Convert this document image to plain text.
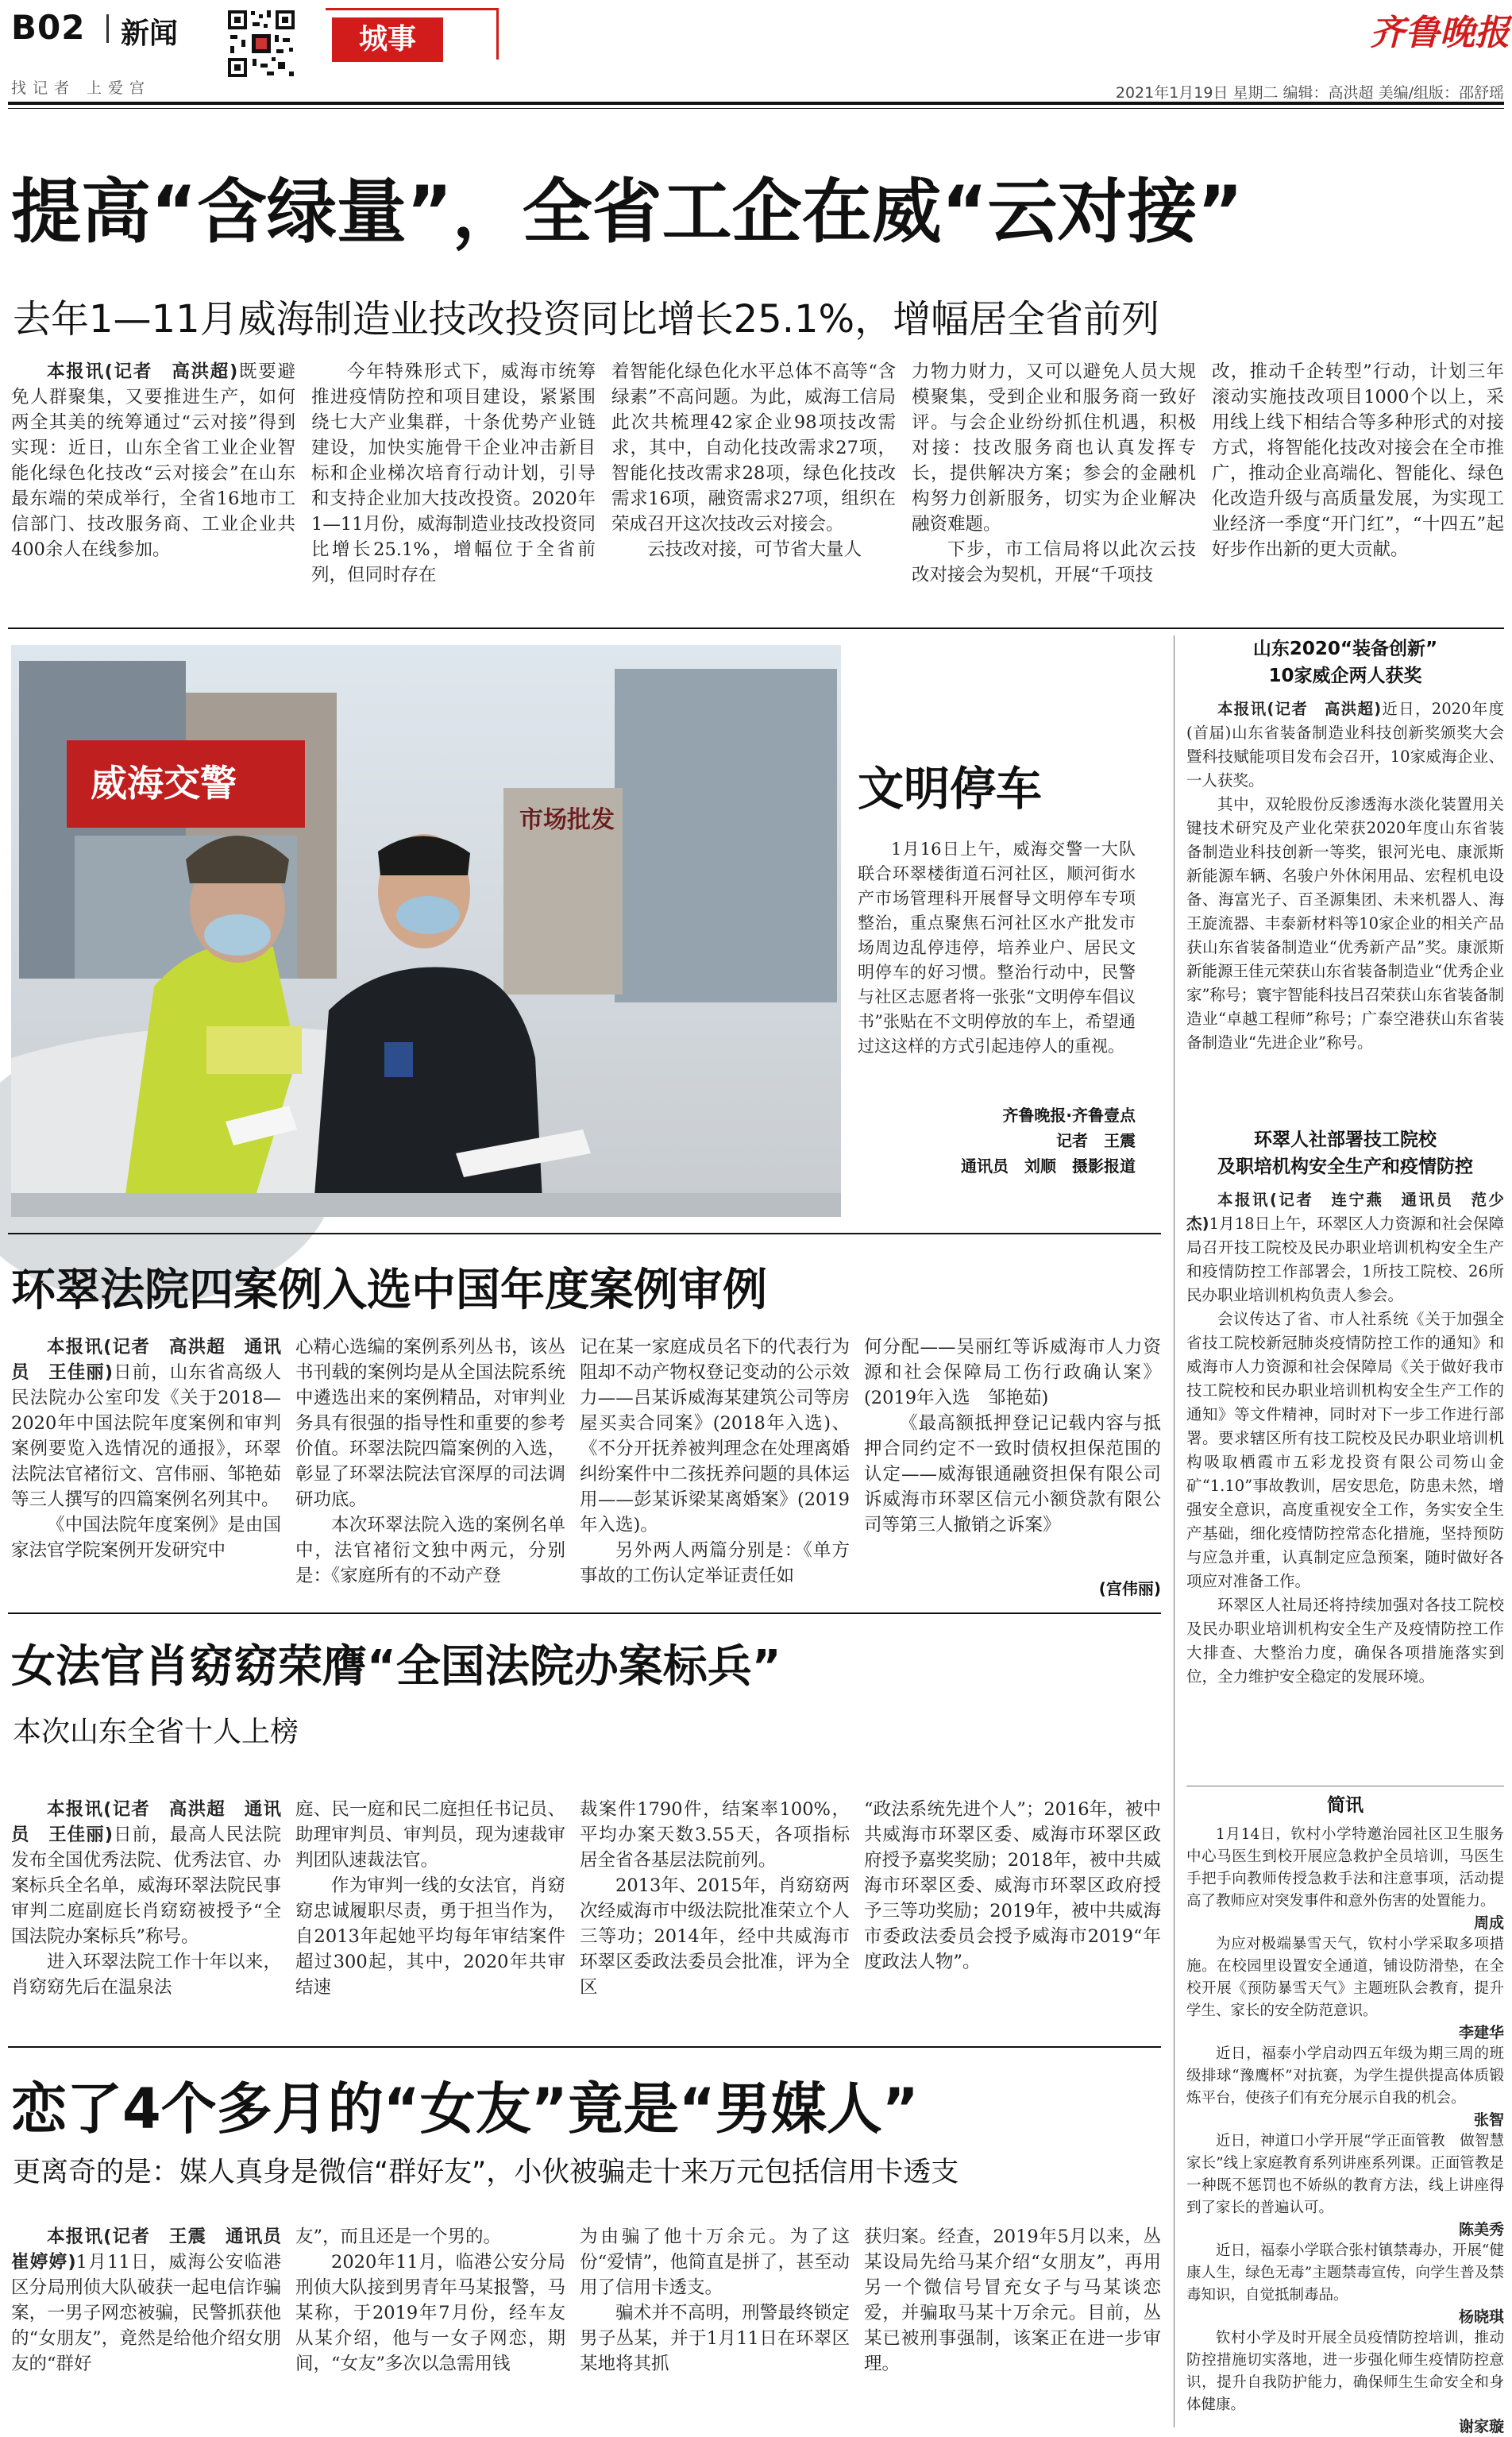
B02 新闻
找记者 上爱宫
城事	齐鲁晚报
2021年1月19日 星期二 编辑：高洪超 美编/组版：邵舒瑶
提高“含绿量”，全省工企在威“云对接”
去年1—11月威海制造业技改投资同比增长25.1%，增幅居全省前列

本报讯(记者　高洪超)既要避免人群聚集，又要推进生产，如何两全其美的统筹通过“云对接”得到实现：近日，山东全省工业企业智能化绿色化技改“云对接会”在山东最东端的荣成举行，全省16地市工信部门、技改服务商、工业企业共400余人在线参加。

今年特殊形式下，威海市统筹推进疫情防控和项目建设，紧紧围绕七大产业集群，十条优势产业链建设，加快实施骨干企业冲击新目标和企业梯次培育行动计划，引导和支持企业加大技改投资。2020年1—11月份，威海制造业技改投资同比增长25.1%，增幅位于全省前列，但同时存在

着智能化绿色化水平总体不高等“含绿素”不高问题。为此，威海工信局此次共梳理42家企业98项技改需求，其中，自动化技改需求27项，智能化技改需求28项，绿色化技改需求16项，融资需求27项，组织在荣成召开这次技改云对接会。

云技改对接，可节省大量人

力物力财力，又可以避免人员大规模聚集，受到企业和服务商一致好评。与会企业纷纷抓住机遇，积极对接：技改服务商也认真发挥专长，提供解决方案；参会的金融机构努力创新服务，切实为企业解决融资难题。

下步，市工信局将以此次云技改对接会为契机，开展“千项技

改，推动千企转型”行动，计划三年滚动实施技改项目1000个以上，采用线上线下相结合等多种形式的对接方式，将智能化技改对接会在全市推广，推动企业高端化、智能化、绿色化改造升级与高质量发展，为实现工业经济一季度“开门红”，“十四五”起好步作出新的更大贡献。

威海交警
市场批发
文明停车

1月16日上午，威海交警一大队联合环翠楼街道石河社区，顺河街水产市场管理科开展督导文明停车专项整治，重点聚焦石河社区水产批发市场周边乱停违停，培养业户、居民文明停车的好习惯。整治行动中，民警与社区志愿者将一张张“文明停车倡议书”张贴在不文明停放的车上，希望通过这这样的方式引起违停人的重视。

齐鲁晚报·齐鲁壹点
记者　王震
通讯员　刘顺　摄影报道
环翠法院四案例入选中国年度案例审例

本报讯(记者　高洪超　通讯员　王佳丽)日前，山东省高级人民法院办公室印发《关于2018—2020年中国法院年度案例和审判案例要览入选情况的通报》，环翠法院法官褚衍文、宫伟丽、邹艳茹等三人撰写的四篇案例名列其中。

《中国法院年度案例》是由国家法官学院案例开发研究中

心精心选编的案例系列丛书，该丛书刊载的案例均是从全国法院系统中遴选出来的案例精品，对审判业务具有很强的指导性和重要的参考价值。环翠法院四篇案例的入选，彰显了环翠法院法官深厚的司法调研功底。

本次环翠法院入选的案例名单中，法官褚衍文独中两元，分别是：《家庭所有的不动产登

记在某一家庭成员名下的代表行为阻却不动产物权登记变动的公示效力——吕某诉威海某建筑公司等房屋买卖合同案》(2018年入选)、《不分开抚养被判理念在处理离婚纠纷案件中二孩抚养问题的具体运用——彭某诉梁某离婚案》(2019年入选)。

另外两人两篇分别是：《单方事故的工伤认定举证责任如

何分配——吴丽红等诉威海市人力资源和社会保障局工伤行政确认案》(2019年入选　邹艳茹)

《最高额抵押登记记载内容与抵押合同约定不一致时债权担保范围的认定——威海银通融资担保有限公司诉威海市环翠区信元小额贷款有限公司等第三人撤销之诉案》

(宫伟丽)
女法官肖窈窈荣膺“全国法院办案标兵”
本次山东全省十人上榜

本报讯(记者　高洪超　通讯员　王佳丽)日前，最高人民法院发布全国优秀法院、优秀法官、办案标兵全名单，威海环翠法院民事审判二庭副庭长肖窈窈被授予“全国法院办案标兵”称号。

进入环翠法院工作十年以来，肖窈窈先后在温泉法

庭、民一庭和民二庭担任书记员、助理审判员、审判员，现为速裁审判团队速裁法官。

作为审判一线的女法官，肖窈窈忠诚履职尽责，勇于担当作为，自2013年起她平均每年审结案件超过300起，其中，2020年共审结速

裁案件1790件，结案率100%，平均办案天数3.55天，各项指标居全省各基层法院前列。

2013年、2015年，肖窈窈两次经威海市中级法院批准荣立个人三等功；2014年，经中共威海市环翠区委政法委员会批准，评为全区

“政法系统先进个人”；2016年，被中共威海市环翠区委、威海市环翠区政府授予嘉奖奖励；2018年，被中共威海市环翠区委、威海市环翠区政府授予三等功奖励；2019年，被中共威海市委政法委员会授予威海市2019“年度政法人物”。

恋了4个多月的“女友”竟是“男媒人”
更离奇的是：媒人真身是微信“群好友”，小伙被骗走十来万元包括信用卡透支

本报讯(记者　王震　通讯员　崔婷婷)1月11日，威海公安临港区分局刑侦大队破获一起电信诈骗案，一男子网恋被骗，民警抓获他的“女朋友”，竟然是给他介绍女朋友的“群好

友”，而且还是一个男的。

2020年11月，临港公安分局刑侦大队接到男青年马某报警，马某称，于2019年7月份，经车友从某介绍，他与一女子网恋，期间，“女友”多次以急需用钱

为由骗了他十万余元。为了这份“爱情”，他简直是拼了，甚至动用了信用卡透支。

骗术并不高明，刑警最终锁定男子丛某，并于1月11日在环翠区某地将其抓

获归案。经查，2019年5月以来，丛某设局先给马某介绍“女朋友”，再用另一个微信号冒充女子与马某谈恋爱，并骗取马某十万余元。目前，丛某已被刑事强制，该案正在进一步审理。

山东2020“装备创新”
10家威企两人获奖

本报讯(记者　高洪超)近日，2020年度(首届)山东省装备制造业科技创新奖颁奖大会暨科技赋能项目发布会召开，10家威海企业、一人获奖。

其中，双轮股份反渗透海水淡化装置用关键技术研究及产业化荣获2020年度山东省装备制造业科技创新一等奖，银河光电、康派斯新能源车辆、名骏户外休闲用品、宏程机电设备、海富光子、百圣源集团、未来机器人、海王旋流器、丰泰新材料等10家企业的相关产品获山东省装备制造业“优秀新产品”奖。康派斯新能源王佳元荣获山东省装备制造业“优秀企业家”称号；寰宇智能科技吕召荣获山东省装备制造业“卓越工程师”称号；广泰空港获山东省装备制造业“先进企业”称号。

环翠人社部署技工院校
及职培机构安全生产和疫情防控

本报讯(记者　连宁燕　通讯员　范少杰)1月18日上午，环翠区人力资源和社会保障局召开技工院校及民办职业培训机构安全生产和疫情防控工作部署会，1所技工院校、26所民办职业培训机构负责人参会。

会议传达了省、市人社系统《关于加强全省技工院校新冠肺炎疫情防控工作的通知》和威海市人力资源和社会保障局《关于做好我市技工院校和民办职业培训机构安全生产工作的通知》等文件精神，同时对下一步工作进行部署。要求辖区所有技工院校及民办职业培训机构吸取栖霞市五彩龙投资有限公司笏山金矿“1.10”事故教训，居安思危，防患未然，增强安全意识，高度重视安全工作，务实安全生产基础，细化疫情防控常态化措施，坚持预防与应急并重，认真制定应急预案，随时做好各项应对准备工作。

环翠区人社局还将持续加强对各技工院校及民办职业培训机构安全生产及疫情防控工作大排查、大整治力度，确保各项措施落实到位，全力维护安全稳定的发展环境。

简讯

1月14日，钦村小学特邀治园社区卫生服务中心马医生到校开展应急救护全员培训，马医生手把手向教师传授急救手法和注意事项，活动提高了教师应对突发事件和意外伤害的处置能力。

周成

为应对极端暴雪天气，钦村小学采取多项措施。在校园里设置安全通道，铺设防滑垫，在全校开展《预防暴雪天气》主题班队会教育，提升学生、家长的安全防范意识。

李建华

近日，福泰小学启动四五年级为期三周的班级排球“豫鹰杯”对抗赛，为学生提供提高体质锻炼平台，使孩子们有充分展示自我的机会。

张智

近日，神道口小学开展“学正面管教　做智慧家长”线上家庭教育系列讲座系列课。正面管教是一种既不惩罚也不娇纵的教育方法，线上讲座得到了家长的普遍认可。

陈美秀

近日，福泰小学联合张村镇禁毒办，开展“健康人生，绿色无毒”主题禁毒宣传，向学生普及禁毒知识，自觉抵制毒品。

杨晓琪

钦村小学及时开展全员疫情防控培训，推动防控措施切实落地，进一步强化师生疫情防控意识，提升自我防护能力，确保师生生命安全和身体健康。

谢家璇
